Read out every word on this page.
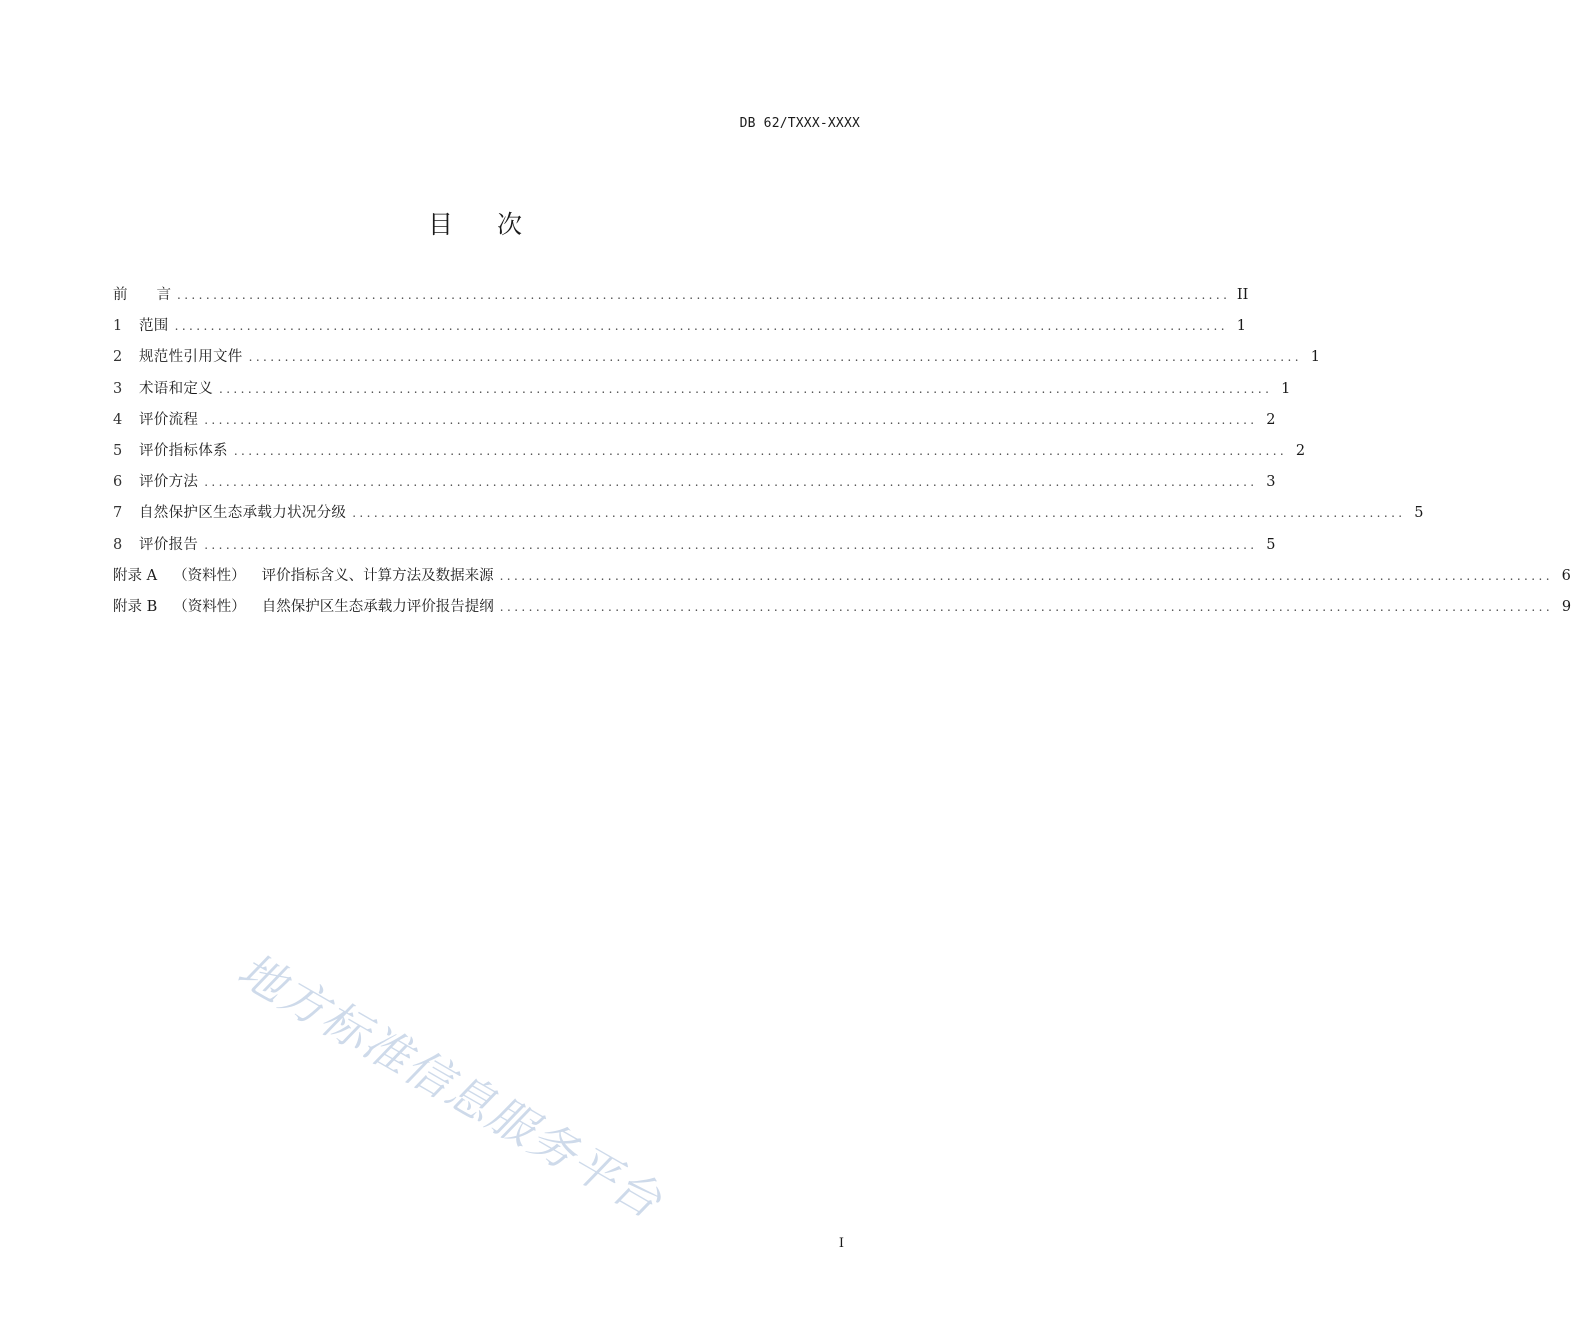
DB 62/TXXX-XXXX
目 次
前　　言 .................................................................................................................................................. II
1	范围 .................................................................................................................................................. 1
2	规范性引用文件 .................................................................................................................................................. 1
3	术语和定义 .................................................................................................................................................. 1
4	评价流程 .................................................................................................................................................. 2
5	评价指标体系 .................................................................................................................................................. 2
6	评价方法 .................................................................................................................................................. 3
7	自然保护区生态承载力状况分级 .................................................................................................................................................. 5
8	评价报告 .................................................................................................................................................. 5
附录 A （资料性） 评价指标含义、计算方法及数据来源 .................................................................................................................................................. 6
附录 B （资料性） 自然保护区生态承载力评价报告提纲 .................................................................................................................................................. 9
地方标准信息服务平台
I
